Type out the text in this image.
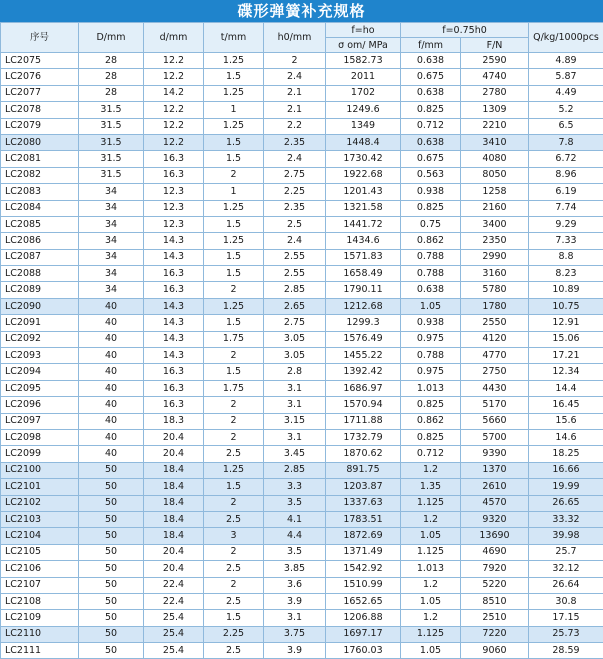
碟形弹簧补充规格
序号	D/mm	d/mm	t/mm	h0/mm	f=ho	f=0.75h0		Q/kg/1000pcs
					σ om/ MPa	f/mm	F/N	
LC2075	28	12.2	1.25	2	1582.73	0.638	2590	4.89
LC2076	28	12.2	1.5	2.4	2011	0.675	4740	5.87
LC2077	28	14.2	1.25	2.1	1702	0.638	2780	4.49
LC2078	31.5	12.2	1	2.1	1249.6	0.825	1309	5.2
LC2079	31.5	12.2	1.25	2.2	1349	0.712	2210	6.5
LC2080	31.5	12.2	1.5	2.35	1448.4	0.638	3410	7.8
LC2081	31.5	16.3	1.5	2.4	1730.42	0.675	4080	6.72
LC2082	31.5	16.3	2	2.75	1922.68	0.563	8050	8.96
LC2083	34	12.3	1	2.25	1201.43	0.938	1258	6.19
LC2084	34	12.3	1.25	2.35	1321.58	0.825	2160	7.74
LC2085	34	12.3	1.5	2.5	1441.72	0.75	3400	9.29
LC2086	34	14.3	1.25	2.4	1434.6	0.862	2350	7.33
LC2087	34	14.3	1.5	2.55	1571.83	0.788	2990	8.8
LC2088	34	16.3	1.5	2.55	1658.49	0.788	3160	8.23
LC2089	34	16.3	2	2.85	1790.11	0.638	5780	10.89
LC2090	40	14.3	1.25	2.65	1212.68	1.05	1780	10.75
LC2091	40	14.3	1.5	2.75	1299.3	0.938	2550	12.91
LC2092	40	14.3	1.75	3.05	1576.49	0.975	4120	15.06
LC2093	40	14.3	2	3.05	1455.22	0.788	4770	17.21
LC2094	40	16.3	1.5	2.8	1392.42	0.975	2750	12.34
LC2095	40	16.3	1.75	3.1	1686.97	1.013	4430	14.4
LC2096	40	16.3	2	3.1	1570.94	0.825	5170	16.45
LC2097	40	18.3	2	3.15	1711.88	0.862	5660	15.6
LC2098	40	20.4	2	3.1	1732.79	0.825	5700	14.6
LC2099	40	20.4	2.5	3.45	1870.62	0.712	9390	18.25
LC2100	50	18.4	1.25	2.85	891.75	1.2	1370	16.66
LC2101	50	18.4	1.5	3.3	1203.87	1.35	2610	19.99
LC2102	50	18.4	2	3.5	1337.63	1.125	4570	26.65
LC2103	50	18.4	2.5	4.1	1783.51	1.2	9320	33.32
LC2104	50	18.4	3	4.4	1872.69	1.05	13690	39.98
LC2105	50	20.4	2	3.5	1371.49	1.125	4690	25.7
LC2106	50	20.4	2.5	3.85	1542.92	1.013	7920	32.12
LC2107	50	22.4	2	3.6	1510.99	1.2	5220	26.64
LC2108	50	22.4	2.5	3.9	1652.65	1.05	8510	30.8
LC2109	50	25.4	1.5	3.1	1206.88	1.2	2510	17.15
LC2110	50	25.4	2.25	3.75	1697.17	1.125	7220	25.73
LC2111	50	25.4	2.5	3.9	1760.03	1.05	9060	28.59
